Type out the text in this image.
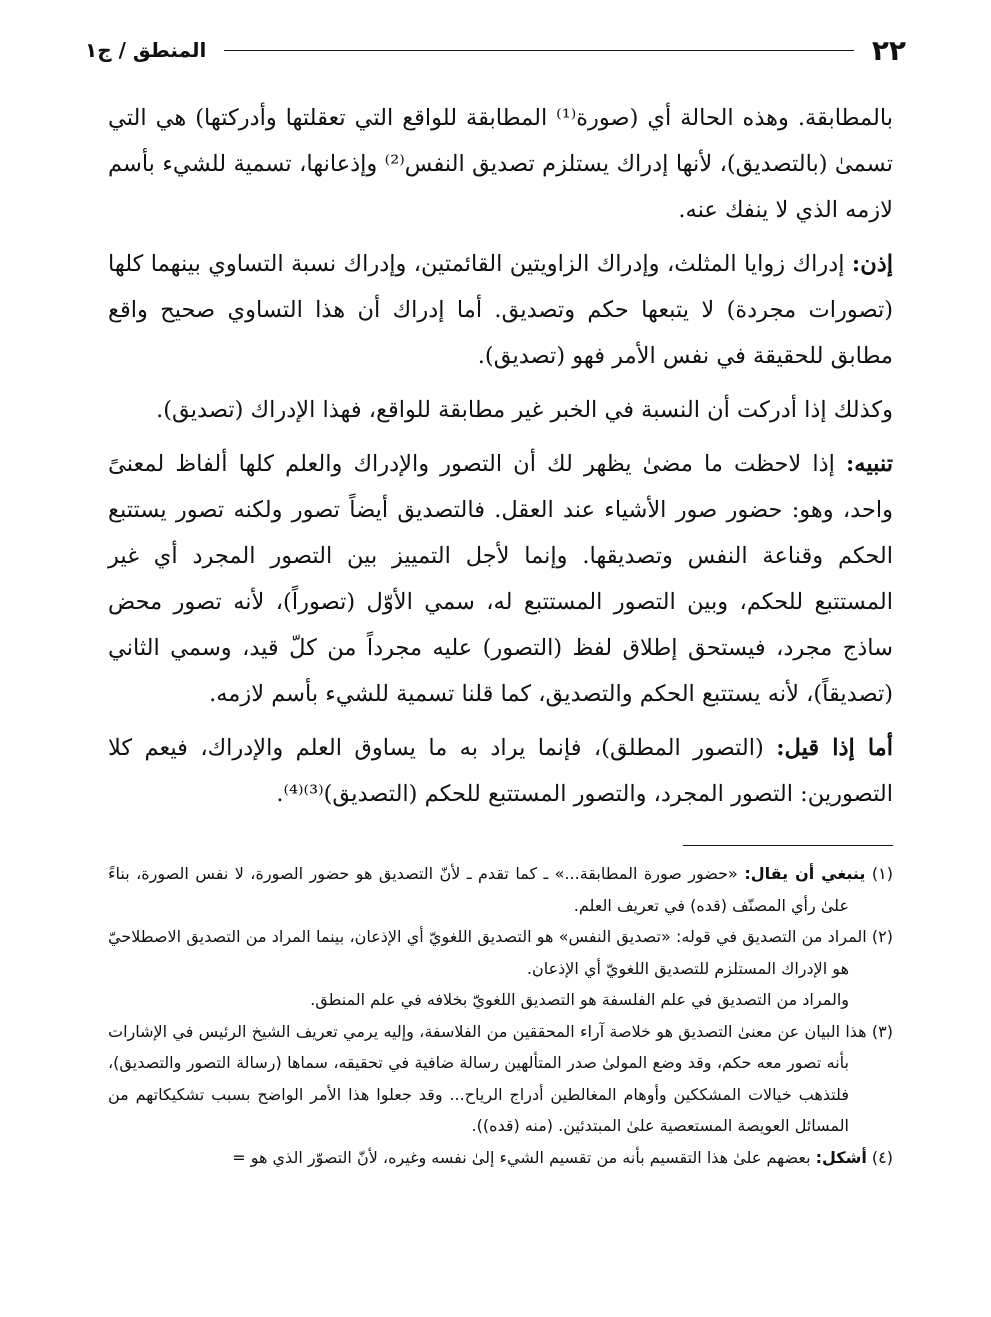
٢٢
المنطق / ج١

بالمطابقة. وهذه الحالة أي (صورة⁽¹⁾ المطابقة للواقع التي تعقلتها وأدركتها) هي التي تسمىٰ (بالتصديق)، لأنها إدراك يستلزم تصديق النفس⁽²⁾ وإذعانها، تسمية للشيء بأسم لازمه الذي لا ينفك عنه.

إذن: إدراك زوايا المثلث، وإدراك الزاويتين القائمتين، وإدراك نسبة التساوي بينهما كلها (تصورات مجردة) لا يتبعها حكم وتصديق. أما إدراك أن هذا التساوي صحيح واقع مطابق للحقيقة في نفس الأمر فهو (تصديق).

وكذلك إذا أدركت أن النسبة في الخبر غير مطابقة للواقع، فهذا الإدراك (تصديق).

تنبيه: إذا لاحظت ما مضىٰ يظهر لك أن التصور والإدراك والعلم كلها ألفاظ لمعنىً واحد، وهو: حضور صور الأشياء عند العقل. فالتصديق أيضاً تصور ولكنه تصور يستتبع الحكم وقناعة النفس وتصديقها. وإنما لأجل التمييز بين التصور المجرد أي غير المستتبع للحكم، وبين التصور المستتبع له، سمي الأوّل (تصوراً)، لأنه تصور محض ساذج مجرد، فيستحق إطلاق لفظ (التصور) عليه مجرداً من كلّ قيد، وسمي الثاني (تصديقاً)، لأنه يستتبع الحكم والتصديق، كما قلنا تسمية للشيء بأسم لازمه.

أما إذا قيل: (التصور المطلق)، فإنما يراد به ما يساوق العلم والإدراك، فيعم كلا التصورين: التصور المجرد، والتصور المستتبع للحكم (التصديق)⁽³⁾⁽⁴⁾.

(١) ينبغي أن يقال: «حضور صورة المطابقة...» ـ كما تقدم ـ لأنّ التصديق هو حضور الصورة، لا نفس الصورة، بناءً علىٰ رأي المصنّف (قده) في تعريف العلم.

(٢) المراد من التصديق في قوله: «تصديق النفس» هو التصديق اللغويّ أي الإذعان، بينما المراد من التصديق الاصطلاحيّ هو الإدراك المستلزم للتصديق اللغويّ أي الإذعان.

والمراد من التصديق في علم الفلسفة هو التصديق اللغويّ بخلافه في علم المنطق.

(٣) هذا البيان عن معنىٰ التصديق هو خلاصة آراء المحققين من الفلاسفة، وإليه يرمي تعريف الشيخ الرئيس في الإشارات بأنه تصور معه حكم، وقد وضع المولىٰ صدر المتألهين رسالة ضافية في تحقيقه، سماها (رسالة التصور والتصديق)، فلتذهب خيالات المشككين وأوهام المغالطين أدراج الرياح... وقد جعلوا هذا الأمر الواضح بسبب تشكيكاتهم من المسائل العويصة المستعصية علىٰ المبتدئين. (منه (قده)).

(٤) أشكل: بعضهم علىٰ هذا التقسيم بأنه من تقسيم الشيء إلىٰ نفسه وغيره، لأنّ التصوّر الذي هو =
